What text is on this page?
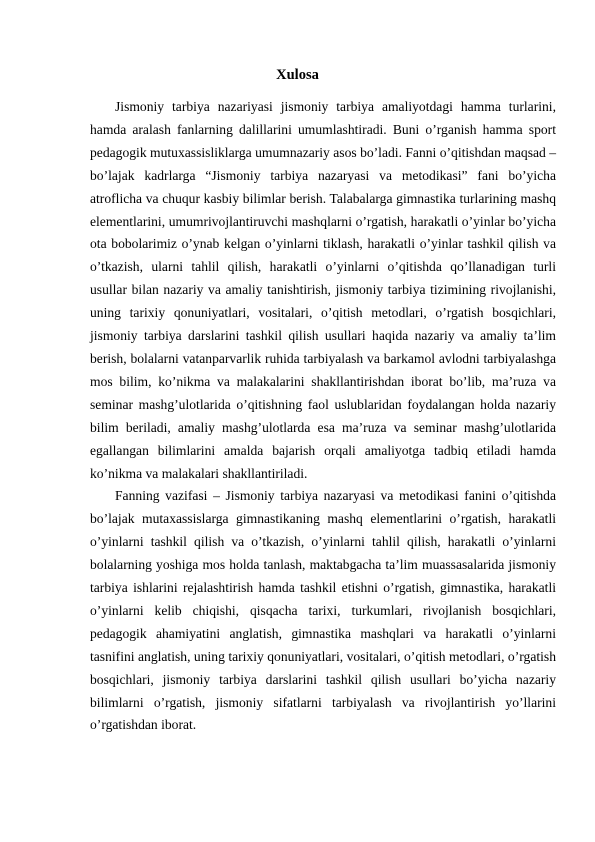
Xulosa

Jismoniy tarbiya nazariyasi jismoniy tarbiya amaliyotdagi hamma turlarini, hamda aralash fanlarning dalillarini umumlashtiradi. Buni o’rganish hamma sport pedagogik mutuxassisliklarga umumnazariy asos bo’ladi. Fanni o’qitishdan maqsad – bo’lajak kadrlarga “Jismoniy tarbiya nazaryasi va metodikasi” fani bo’yicha atroflicha va chuqur kasbiy bilimlar berish. Talabalarga gimnastika turlarining mashq elementlarini, umumrivojlantiruvchi mashqlarni o’rgatish, harakatli o’yinlar bo’yicha ota bobolarimiz o’ynab kelgan o’yinlarni tiklash, harakatli o’yinlar tashkil qilish va o’tkazish, ularni tahlil qilish, harakatli o’yinlarni o’qitishda qo’llanadigan turli usullar bilan nazariy va amaliy tanishtirish, jismoniy tarbiya tizimining rivojlanishi, uning tarixiy qonuniyatlari, vositalari, o’qitish metodlari, o’rgatish bosqichlari, jismoniy tarbiya darslarini tashkil qilish usullari haqida nazariy va amaliy ta’lim berish, bolalarni vatanparvarlik ruhida tarbiyalash va barkamol avlodni tarbiyalashga mos bilim, ko’nikma va malakalarini shakllantirishdan iborat bo’lib, ma’ruza va seminar mashg’ulotlarida o’qitishning faol uslublaridan foydalangan holda nazariy bilim beriladi, amaliy mashg’ulotlarda esa ma’ruza va seminar mashg’ulotlarida egallangan bilimlarini amalda bajarish orqali amaliyotga tadbiq etiladi hamda ko’nikma va malakalari shakllantiriladi.

Fanning vazifasi – Jismoniy tarbiya nazaryasi va metodikasi fanini o’qitishda bo’lajak mutaxassislarga gimnastikaning mashq elementlarini o’rgatish, harakatli o’yinlarni tashkil qilish va o’tkazish, o’yinlarni tahlil qilish, harakatli o’yinlarni bolalarning yoshiga mos holda tanlash, maktabgacha ta’lim muassasalarida jismoniy tarbiya ishlarini rejalashtirish hamda tashkil etishni o’rgatish, gimnastika, harakatli o’yinlarni kelib chiqishi, qisqacha tarixi, turkumlari, rivojlanish bosqichlari, pedagogik ahamiyatini anglatish, gimnastika mashqlari va harakatli o’yinlarni tasnifini anglatish, uning tarixiy qonuniyatlari, vositalari, o’qitish metodlari, o’rgatish bosqichlari, jismoniy tarbiya darslarini tashkil qilish usullari bo’yicha nazariy bilimlarni o’rgatish, jismoniy sifatlarni tarbiyalash va rivojlantirish yo’llarini o’rgatishdan iborat.
